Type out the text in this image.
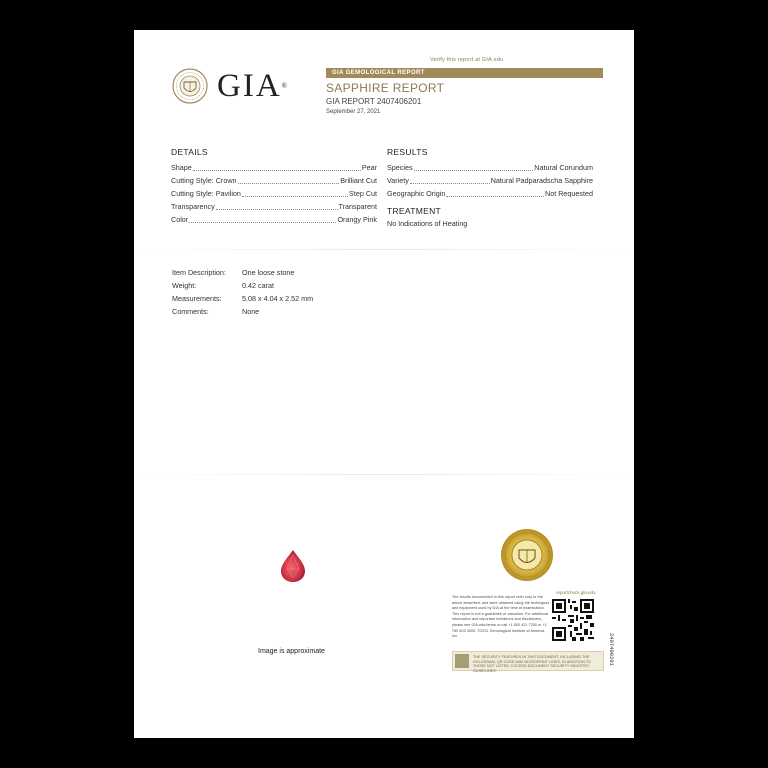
Verify this report at GIA.edu
GIA®
GIA GEMOLOGICAL REPORT
SAPPHIRE REPORT
GIA REPORT 2407406201
September 27, 2021
DETAILS
Shape	Pear
Cutting Style: Crown	Brilliant Cut
Cutting Style: Pavilion	Step Cut
Transparency	Transparent
Color	Orangy Pink
RESULTS
Species	Natural Corundum
Variety	Natural Padparadscha Sapphire
Geographic Origin	Not Requested
TREATMENT
No Indications of Heating
Item Description:	One loose stone
Weight:	0.42 carat
Measurements:	5.08 x 4.04 x 2.52 mm
Comments:	None
Image is approximate
The results documented in this report refer only to the article described, and were obtained using the techniques and equipment used by GIA at the time of examination. This report is not a guarantee or valuation. For additional information and important limitations and disclaimers, please see GIA.edu/terms or call +1 800 421 7250 or +1 760 603 4500. ©2021 Gemological Institute of America, Inc.
reportcheck.gia.edu
THE SECURITY FEATURES IN THIS DOCUMENT, INCLUDING THE HOLOGRAM, QR CODE AND MICROPRINT LINES, IN ADDITION TO THOSE NOT LISTED, EXCEED DOCUMENT SECURITY INDUSTRY GUIDELINES.
2407406201
